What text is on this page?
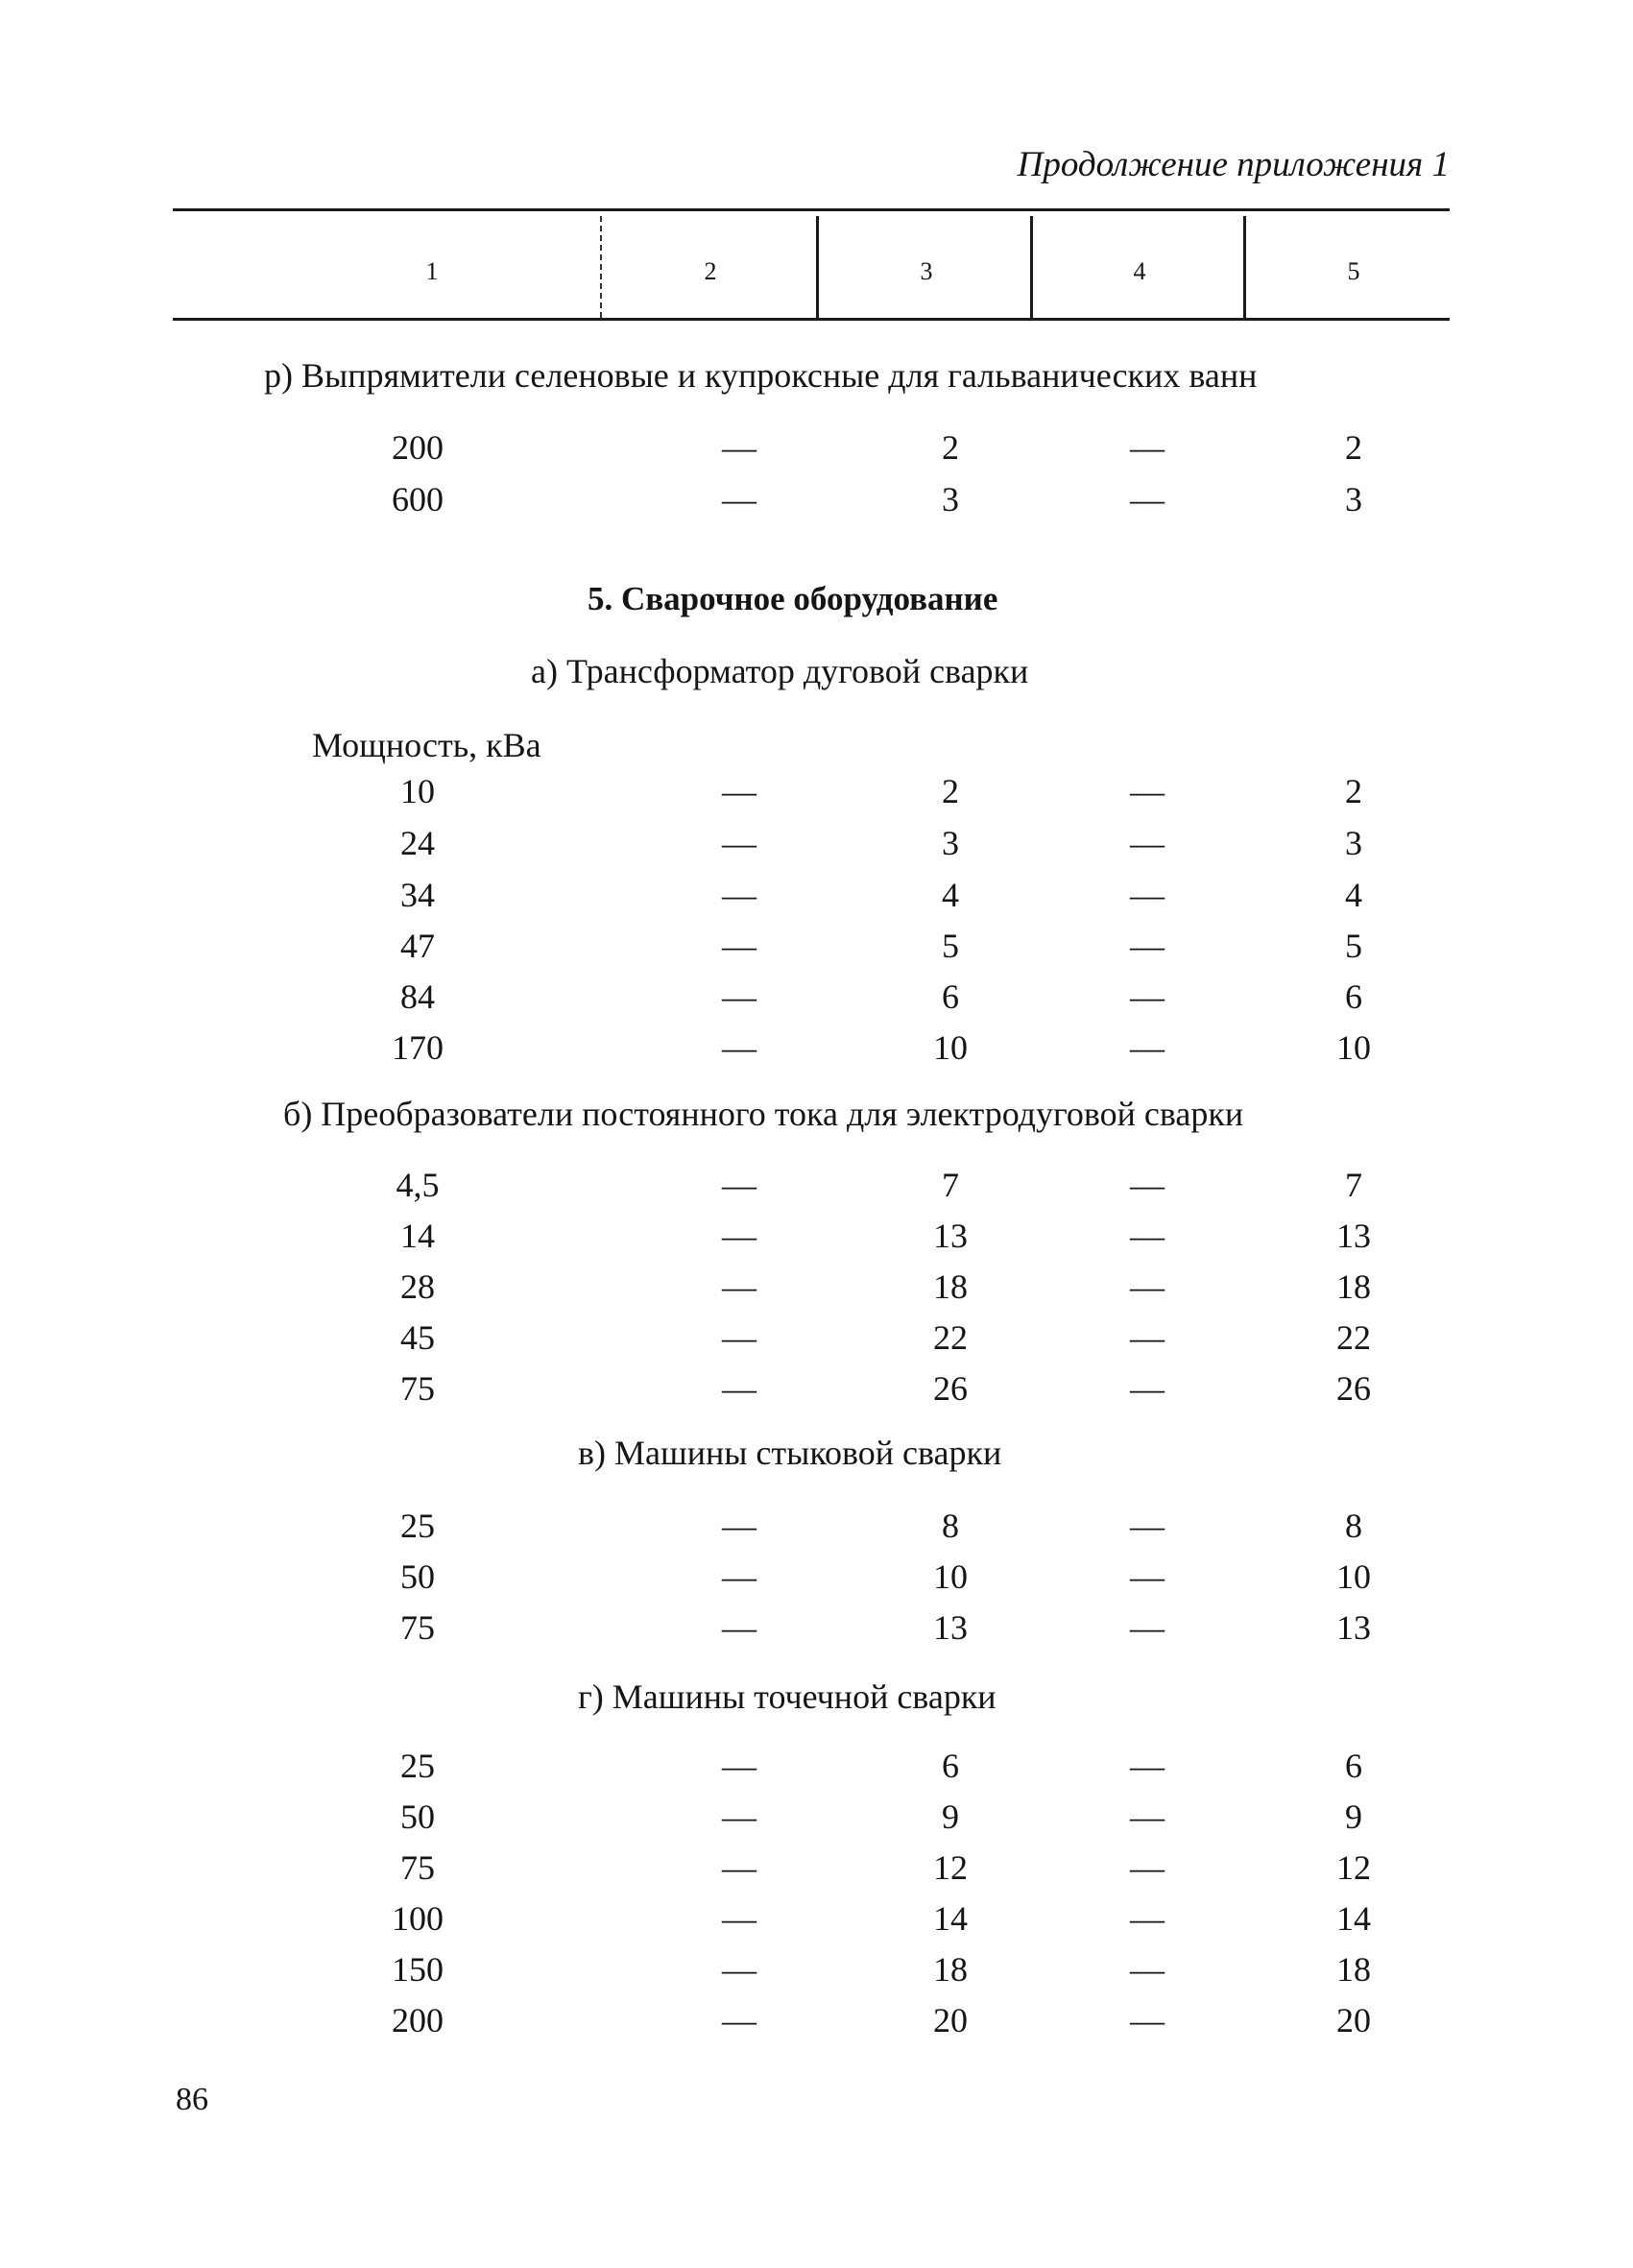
Продолжение приложения 1
1	2	3	4	5
р) Выпрямители селеновые и купроксные для гальванических ванн
200	—	2	—	2
600	—	3	—	3
5. Сварочное оборудование
а) Трансформатор дуговой сварки
Мощность, кВа
10	—	2	—	2
24	—	3	—	3
34	—	4	—	4
47	—	5	—	5
84	—	6	—	6
170	—	10	—	10
б) Преобразователи постоянного тока для электродуговой сварки
4,5	—	7	—	7
14	—	13	—	13
28	—	18	—	18
45	—	22	—	22
75	—	26	—	26
в) Машины стыковой сварки
25	—	8	—	8
50	—	10	—	10
75	—	13	—	13
г) Машины точечной сварки
25	—	6	—	6
50	—	9	—	9
75	—	12	—	12
100	—	14	—	14
150	—	18	—	18
200	—	20	—	20
86
